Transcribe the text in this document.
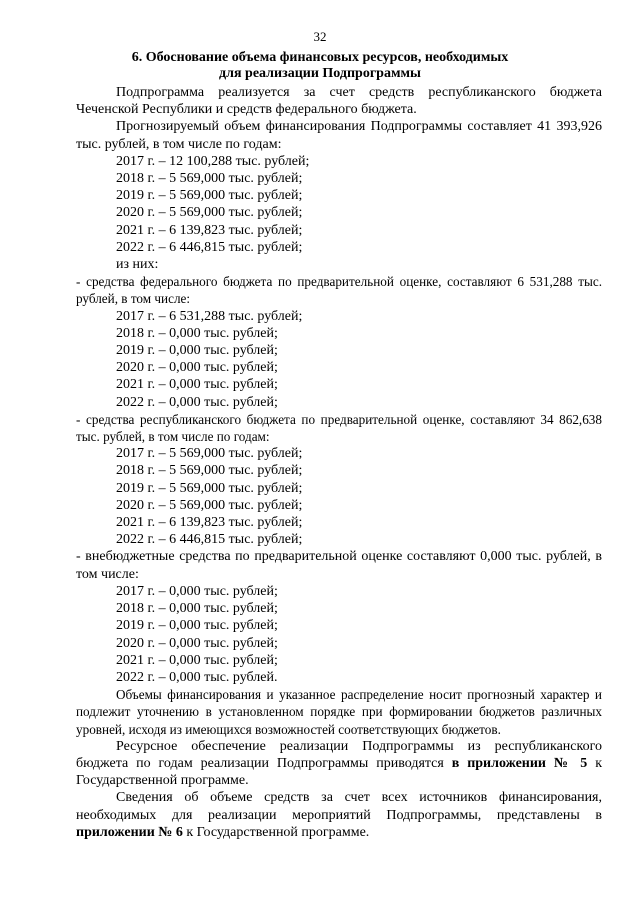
32
6. Обоснование объема финансовых ресурсов, необходимых
для реализации Подпрограммы

Подпрограмма реализуется за счет средств республиканского бюджета Чеченской Республики и средств федерального бюджета.

Прогнозируемый объем финансирования Подпрограммы составляет 41 393,926 тыс. рублей, в том числе по годам:

2017 г. – 12 100,288 тыс. рублей;
2018 г. – 5 569,000 тыс. рублей;
2019 г. – 5 569,000 тыс. рублей;
2020 г. – 5 569,000 тыс. рублей;
2021 г. – 6 139,823 тыс. рублей;
2022 г. – 6 446,815 тыс. рублей;
из них:

- средства федерального бюджета по предварительной оценке, составляют 6 531,288 тыс. рублей, в том числе:

2017 г. – 6 531,288 тыс. рублей;
2018 г. – 0,000 тыс. рублей;
2019 г. – 0,000 тыс. рублей;
2020 г. – 0,000 тыс. рублей;
2021 г. – 0,000 тыс. рублей;
2022 г. – 0,000 тыс. рублей;

- средства республиканского бюджета по предварительной оценке, составляют 34 862,638 тыс. рублей, в том числе по годам:

2017 г. – 5 569,000 тыс. рублей;
2018 г. – 5 569,000 тыс. рублей;
2019 г. – 5 569,000 тыс. рублей;
2020 г. – 5 569,000 тыс. рублей;
2021 г. – 6 139,823 тыс. рублей;
2022 г. – 6 446,815 тыс. рублей;

- внебюджетные средства по предварительной оценке составляют 0,000 тыс. рублей, в том числе:

2017 г. – 0,000 тыс. рублей;
2018 г. – 0,000 тыс. рублей;
2019 г. – 0,000 тыс. рублей;
2020 г. – 0,000 тыс. рублей;
2021 г. – 0,000 тыс. рублей;
2022 г. – 0,000 тыс. рублей.

Объемы финансирования и указанное распределение носит прогнозный характер и подлежит уточнению в установленном порядке при формировании бюджетов различных уровней, исходя из имеющихся возможностей соответствующих бюджетов.

Ресурсное обеспечение реализации Подпрограммы из республиканского бюджета по годам реализации Подпрограммы приводятся в приложении № 5 к Государственной программе.

Сведения об объеме средств за счет всех источников финансирования, необходимых для реализации мероприятий Подпрограммы, представлены в приложении № 6 к Государственной программе.
